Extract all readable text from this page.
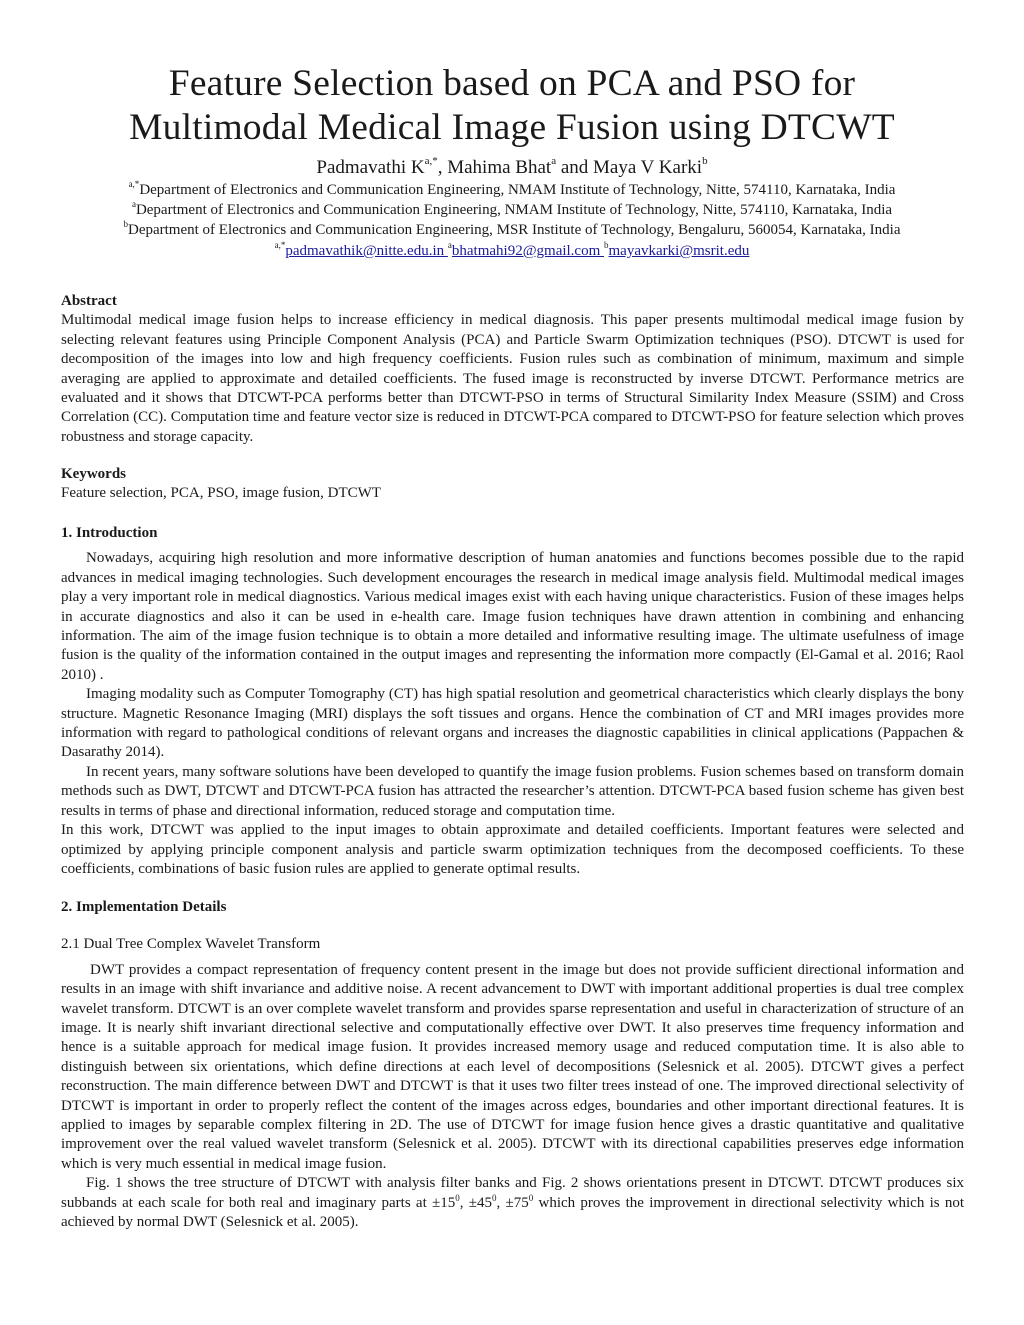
Feature Selection based on PCA and PSO for
Multimodal Medical Image Fusion using DTCWT
Padmavathi $K^{a,*}$, Mahima Bhat$^a$ and Maya V Karki$^b$

$^{a,*}$Department of Electronics and Communication Engineering, NMAM Institute of Technology, Nitte, 574110, Karnataka, India

$^a$Department of Electronics and Communication Engineering, NMAM Institute of Technology, Nitte, 574110, Karnataka, India

$^b$Department of Electronics and Communication Engineering, MSR Institute of Technology, Bengaluru, 560054, Karnataka, India

$^{a,*}$padmavathik@nitte.edu.in $^a$bhatmahi92@gmail.com $^b$mayavkarki@msrit.edu

Abstract

Multimodal medical image fusion helps to increase efficiency in medical diagnosis. This paper presents multimodal medical image fusion by selecting relevant features using Principle Component Analysis (PCA) and Particle Swarm Optimization techniques (PSO). DTCWT is used for decomposition of the images into low and high frequency coefficients. Fusion rules such as combination of minimum, maximum and simple averaging are applied to approximate and detailed coefficients. The fused image is reconstructed by inverse DTCWT. Performance metrics are evaluated and it shows that DTCWT-PCA performs better than DTCWT-PSO in terms of Structural Similarity Index Measure (SSIM) and Cross Correlation (CC). Computation time and feature vector size is reduced in DTCWT-PCA compared to DTCWT-PSO for feature selection which proves robustness and storage capacity.

Keywords

Feature selection, PCA, PSO, image fusion, DTCWT

1. Introduction

Nowadays, acquiring high resolution and more informative description of human anatomies and functions becomes possible due to the rapid advances in medical imaging technologies. Such development encourages the research in medical image analysis field. Multimodal medical images play a very important role in medical diagnostics. Various medical images exist with each having unique characteristics. Fusion of these images helps in accurate diagnostics and also it can be used in e-health care. Image fusion techniques have drawn attention in combining and enhancing information. The aim of the image fusion technique is to obtain a more detailed and informative resulting image. The ultimate usefulness of image fusion is the quality of the information contained in the output images and representing the information more compactly (El-Gamal et al. 2016; Raol 2010) .

Imaging modality such as Computer Tomography (CT) has high spatial resolution and geometrical characteristics which clearly displays the bony structure. Magnetic Resonance Imaging (MRI) displays the soft tissues and organs. Hence the combination of CT and MRI images provides more information with regard to pathological conditions of relevant organs and increases the diagnostic capabilities in clinical applications (Pappachen & Dasarathy 2014).

In recent years, many software solutions have been developed to quantify the image fusion problems. Fusion schemes based on transform domain methods such as DWT, DTCWT and DTCWT-PCA fusion has attracted the researcher’s attention. DTCWT-PCA based fusion scheme has given best results in terms of phase and directional information, reduced storage and computation time.

In this work, DTCWT was applied to the input images to obtain approximate and detailed coefficients. Important features were selected and optimized by applying principle component analysis and particle swarm optimization techniques from the decomposed coefficients. To these coefficients, combinations of basic fusion rules are applied to generate optimal results.

2. Implementation Details

2.1 Dual Tree Complex Wavelet Transform

DWT provides a compact representation of frequency content present in the image but does not provide sufficient directional information and results in an image with shift invariance and additive noise. A recent advancement to DWT with important additional properties is dual tree complex wavelet transform. DTCWT is an over complete wavelet transform and provides sparse representation and useful in characterization of structure of an image. It is nearly shift invariant directional selective and computationally effective over DWT. It also preserves time frequency information and hence is a suitable approach for medical image fusion. It provides increased memory usage and reduced computation time. It is also able to distinguish between six orientations, which define directions at each level of decompositions (Selesnick et al. 2005). DTCWT gives a perfect reconstruction. The main difference between DWT and DTCWT is that it uses two filter trees instead of one. The improved directional selectivity of DTCWT is important in order to properly reflect the content of the images across edges, boundaries and other important directional features. It is applied to images by separable complex filtering in 2D. The use of DTCWT for image fusion hence gives a drastic quantitative and qualitative improvement over the real valued wavelet transform (Selesnick et al. 2005). DTCWT with its directional capabilities preserves edge information which is very much essential in medical image fusion.

Fig. 1 shows the tree structure of DTCWT with analysis filter banks and Fig. 2 shows orientations present in DTCWT. DTCWT produces six subbands at each scale for both real and imaginary parts at $\pm 15^0$, $\pm 45^0$, $\pm 75^0$ which proves the improvement in directional selectivity which is not achieved by normal DWT (Selesnick et al. 2005).
